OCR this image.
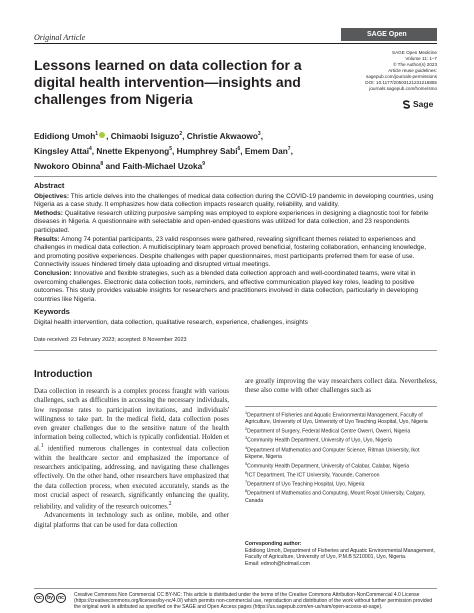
Original Article	SAGE Open Medicine
SAGE Open Medicine
Volume 11: 1–7
© The Author(s) 2023
Article reuse guidelines:
sagepub.com/journals-permissions
DOI: 10.1177/20503121231216855
journals.sagepub.com/home/smo
Sage
Lessons learned on data collection for a digital health intervention—insights and challenges from Nigeria
Edidiong Umoh$^1$ , Chimaobi Isiguzo$^2$, Christie Akwaowo$^3$,
Kingsley Attai$^4$, Nnette Ekpenyong$^5$, Humphrey Sabi$^6$, Emem Dan$^7$,
Nwokoro Obinna$^8$ and Faith-Michael Uzoka$^9$
Abstract

Objectives: This article delves into the challenges of medical data collection during the COVID-19 pandemic in developing countries, using Nigeria as a case study. It emphasizes how data collection impacts research quality, reliability, and validity.

Methods: Qualitative research utilizing purposive sampling was employed to explore experiences in designing a diagnostic tool for febrile diseases in Nigeria. A questionnaire with selectable and open-ended questions was utilized for data collection, and 23 respondents participated.

Results: Among 74 potential participants, 23 valid responses were gathered, revealing significant themes related to experiences and challenges in medical data collection. A multidisciplinary team approach proved beneficial, fostering collaboration, enhancing knowledge, and promoting positive experiences. Despite challenges with paper questionnaires, most participants preferred them for ease of use. Connectivity issues hindered timely data uploading and disrupted virtual meetings.

Conclusion: Innovative and flexible strategies, such as a blended data collection approach and well-coordinated teams, were vital in overcoming challenges. Electronic data collection tools, reminders, and effective communication played key roles, leading to positive outcomes. This study provides valuable insights for researchers and practitioners involved in data collection, particularly in developing countries like Nigeria.

Keywords

Digital health intervention, data collection, qualitative research, experience, challenges, insights

Date received: 23 February 2023; accepted: 8 November 2023
Introduction

Data collection in research is a complex process fraught with various challenges, such as difficulties in accessing the necessary individuals, low response rates to participation invitations, and individuals' willingness to take part. In the medical field, data collection poses even greater challenges due to the sensitive nature of the health information being collected, which is typically confidential. Holden et al.$^1$ identified numerous challenges in contextual data collection within the healthcare sector and emphasized the importance of researchers anticipating, addressing, and navigating these challenges effectively. On the other hand, other researchers have emphasized that the data collection process, when executed accurately, stands as the most crucial aspect of research, significantly enhancing the quality, reliability, and validity of the research outcomes.$^2$

Advancements in technology such as online, mobile, and other digital platforms that can be used for data collection

are greatly improving the way researchers collect data. Nevertheless, these also come with other challenges such as
$^1$Department of Fisheries and Aquatic Environmental Management, Faculty of Agriculture, University of Uyo, University of Uyo Teaching Hospital, Uyo, Nigeria
$^2$Department of Surgery, Federal Medical Centre Owerri, Owerri, Nigeria
$^3$Community Health Department, University of Uyo, Uyo, Nigeria
$^4$Department of Mathematics and Computer Science, Ritman University, Ikot Ekpene, Nigeria
$^5$Community Health Department, University of Calabar, Calabar, Nigeria
$^6$ICT Department, The ICT University, Yaounde, Cameroon
$^7$Department of Uyo Teaching Hospital, Uyo, Nigeria
$^8$Department of Mathematics and Computing, Mount Royal University, Calgary, Canada
Corresponding author:
Edidiong Umoh, Department of Fisheries and Aquatic Environmental Management, Faculty of Agriculture, University of Uyo, P.M.B 5210001, Uyo, Nigeria.
Email: edmoh@hotmail.com
cc	by	nc	Creative Commons Non Commercial CC BY-NC: This article is distributed under the terms of the Creative Commons Attribution-NonCommercial 4.0 License (https://creativecommons.org/licenses/by-nc/4.0/) which permits non-commercial use, reproduction and distribution of the work without further permission provided the original work is attributed as specified on the SAGE and Open Access pages (https://us.sagepub.com/en-us/nam/open-access-at-sage).
